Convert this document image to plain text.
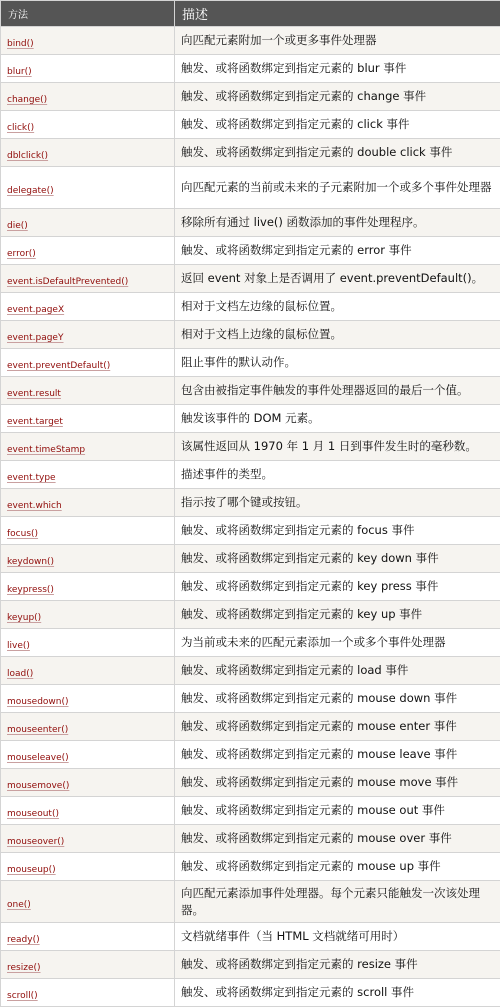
方法	描述
bind()	向匹配元素附加一个或更多事件处理器
blur()	触发、或将函数绑定到指定元素的 blur 事件
change()	触发、或将函数绑定到指定元素的 change 事件
click()	触发、或将函数绑定到指定元素的 click 事件
dblclick()	触发、或将函数绑定到指定元素的 double click 事件
delegate()	向匹配元素的当前或未来的子元素附加一个或多个事件处理器
die()	移除所有通过 live() 函数添加的事件处理程序。
error()	触发、或将函数绑定到指定元素的 error 事件
event.isDefaultPrevented()	返回 event 对象上是否调用了 event.preventDefault()。
event.pageX	相对于文档左边缘的鼠标位置。
event.pageY	相对于文档上边缘的鼠标位置。
event.preventDefault()	阻止事件的默认动作。
event.result	包含由被指定事件触发的事件处理器返回的最后一个值。
event.target	触发该事件的 DOM 元素。
event.timeStamp	该属性返回从 1970 年 1 月 1 日到事件发生时的毫秒数。
event.type	描述事件的类型。
event.which	指示按了哪个键或按钮。
focus()	触发、或将函数绑定到指定元素的 focus 事件
keydown()	触发、或将函数绑定到指定元素的 key down 事件
keypress()	触发、或将函数绑定到指定元素的 key press 事件
keyup()	触发、或将函数绑定到指定元素的 key up 事件
live()	为当前或未来的匹配元素添加一个或多个事件处理器
load()	触发、或将函数绑定到指定元素的 load 事件
mousedown()	触发、或将函数绑定到指定元素的 mouse down 事件
mouseenter()	触发、或将函数绑定到指定元素的 mouse enter 事件
mouseleave()	触发、或将函数绑定到指定元素的 mouse leave 事件
mousemove()	触发、或将函数绑定到指定元素的 mouse move 事件
mouseout()	触发、或将函数绑定到指定元素的 mouse out 事件
mouseover()	触发、或将函数绑定到指定元素的 mouse over 事件
mouseup()	触发、或将函数绑定到指定元素的 mouse up 事件
one()	向匹配元素添加事件处理器。每个元素只能触发一次该处理器。
ready()	文档就绪事件（当 HTML 文档就绪可用时）
resize()	触发、或将函数绑定到指定元素的 resize 事件
scroll()	触发、或将函数绑定到指定元素的 scroll 事件
